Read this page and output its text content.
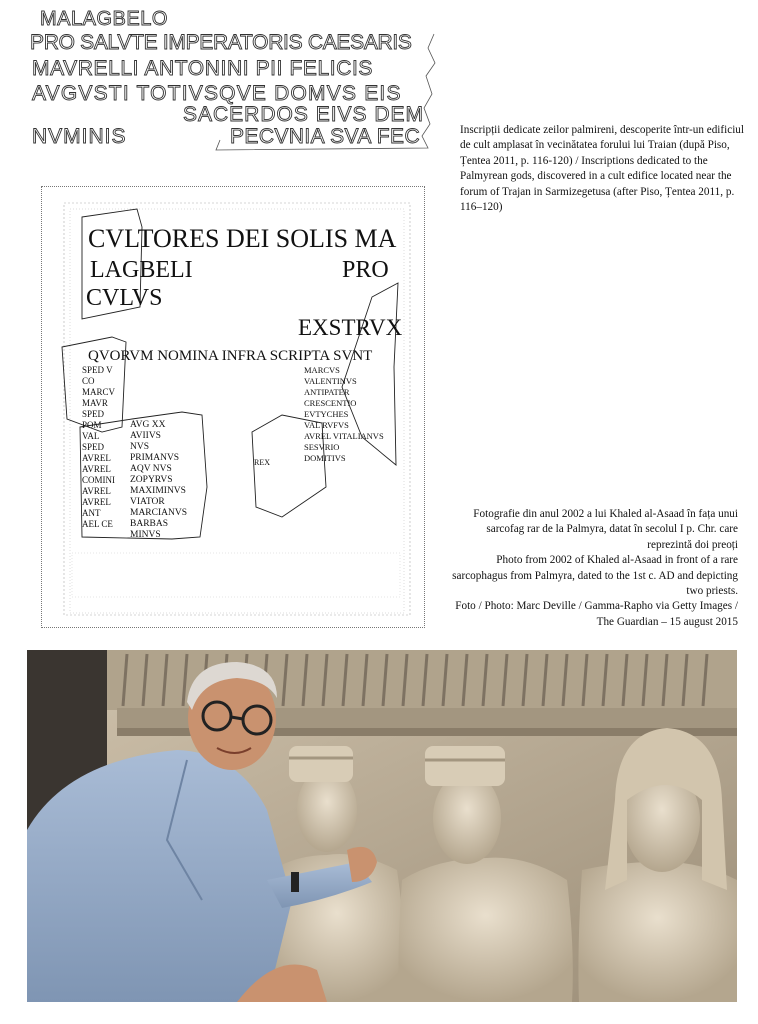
MALAGBELO
PRO SALVTE IMPERATORIS CAESARIS
MAVRELLI ANTONINI PII FELICIS
AVGVSTI TOTIVSQVE DOMVS EIS
SACERDOS EIVS DEM
NVMINIS	PECVNIA SVA FEC	Inscripții dedicate zeilor palmireni, descoperite într-un edificiul de cult amplasat în vecinătatea forului lui Traian (după Piso, Țentea 2011, p. 116-120) / Inscriptions dedicated to the Palmyrean gods, discovered in a cult edifice located near the forum of Trajan in Sarmizegetusa (after Piso, Țentea 2011, p. 116–120)
CVLTORES DEI SOLIS MA
LAGBELI	PRO
CVLVS
EXSTRVX
QVORVM NOMINA INFRA SCRIPTA SVNT
REX
SPED V
CO
MARCV
MAVR
SPED
POM
VAL
SPED
AVREL
AVREL
COMINI
AVREL
AVREL
ANT
AEL CE
AVG XX
AVIIVS
NVS
PRIMANVS
AQV NVS
ZOPYRVS
MAXIMINVS
VIATOR
MARCIANVS
BARBAS
MINVS
MARCVS
VALENTINVS
ANTIPATER
CRESCENTIO
EVTYCHES
VAL RVFVS
AVREL VITALIANVS
SESVRIO
DOMITIVS
Fotografie din anul 2002 a lui Khaled al-Asaad în fața unui sarcofag rar de la Palmyra, datat în secolul I p. Chr. care reprezintă doi preoți
Photo from 2002 of Khaled al-Asaad in front of a rare sarcophagus from Palmyra, dated to the 1st c. AD and depicting two priests.
Foto / Photo: Marc Deville / Gamma-Rapho via Getty Images / The Guardian – 15 august 2015
